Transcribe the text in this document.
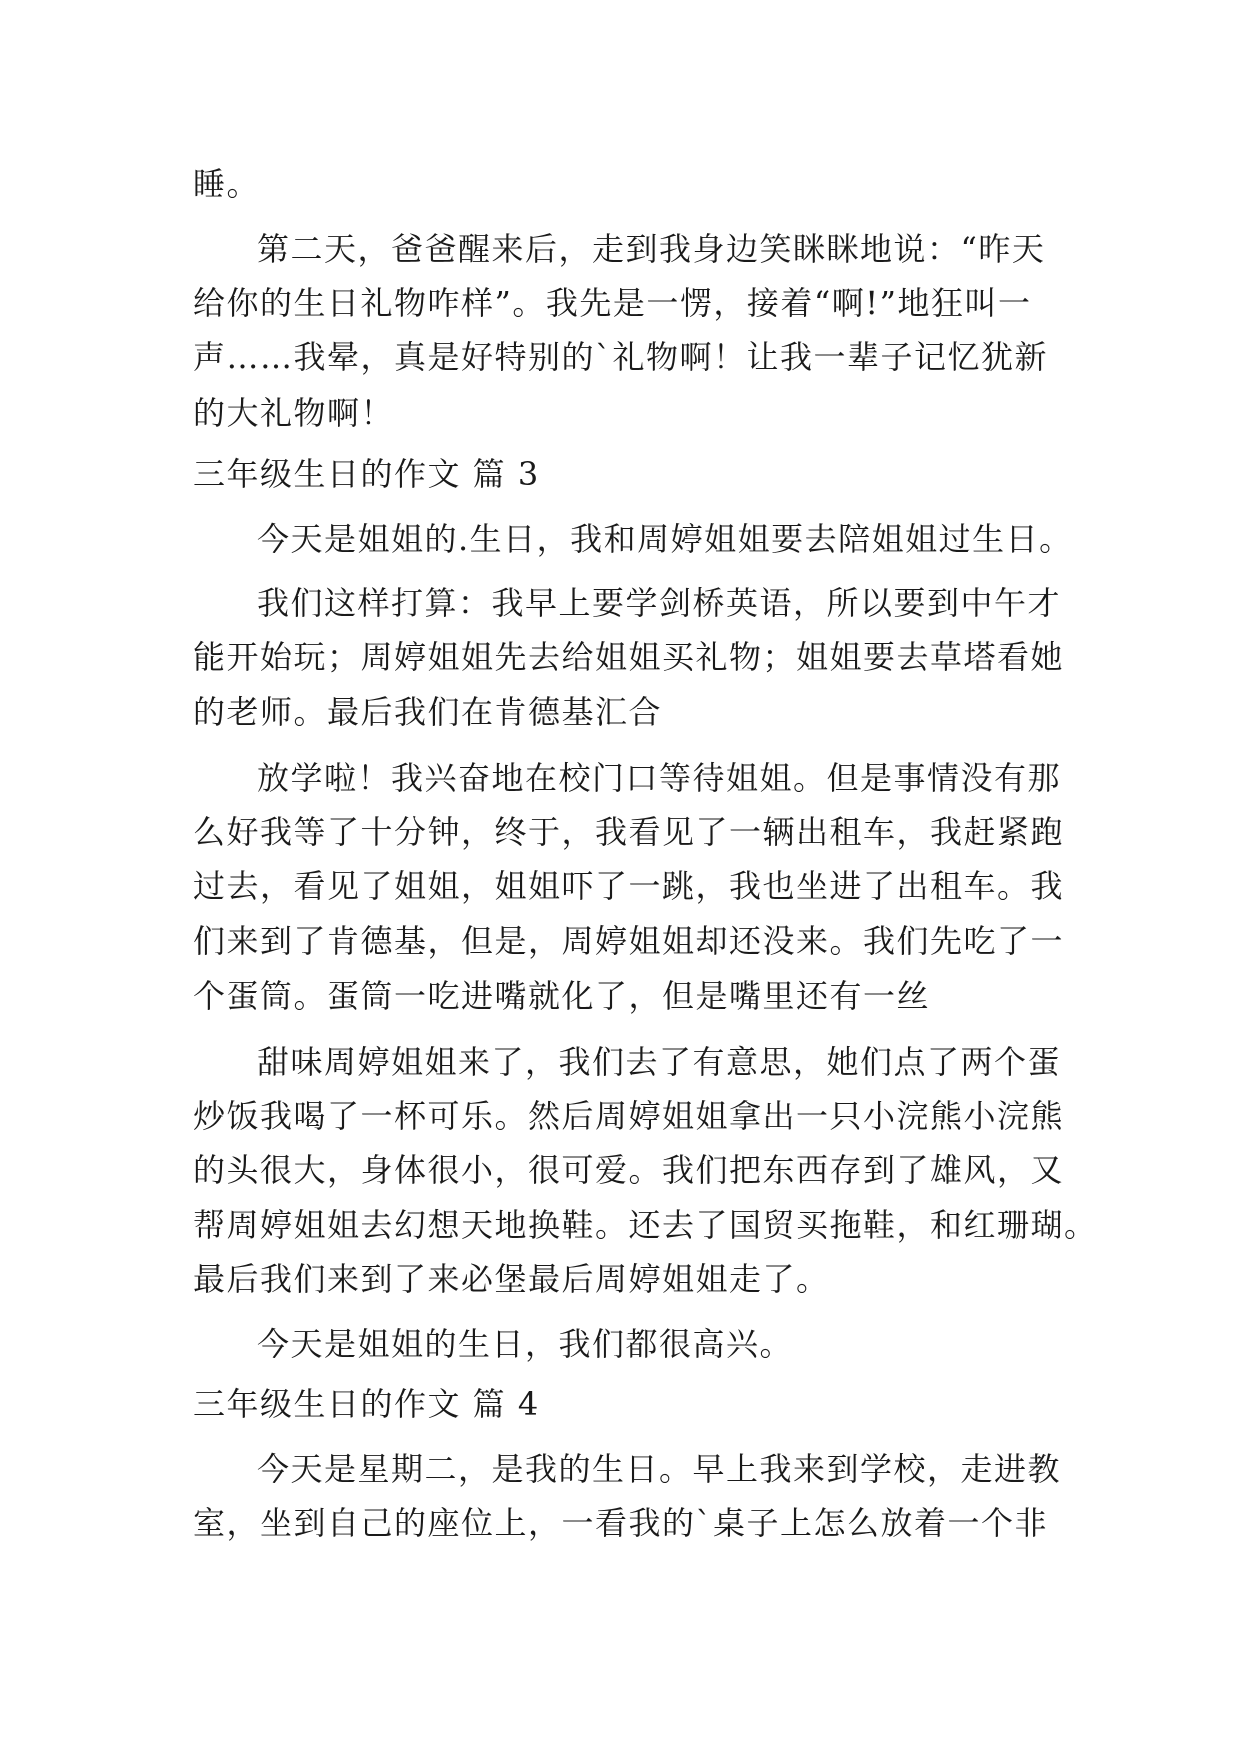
睡。
第二天，爸爸醒来后，走到我身边笑眯眯地说：“昨天
给你的生日礼物咋样”。我先是一愣，接着“啊!”地狂叫一
声……我晕，真是好特别的`礼物啊！让我一辈子记忆犹新
的大礼物啊！
三年级生日的作文 篇 3
今天是姐姐的.生日，我和周婷姐姐要去陪姐姐过生日。
我们这样打算：我早上要学剑桥英语，所以要到中午才
能开始玩；周婷姐姐先去给姐姐买礼物；姐姐要去草塔看她
的老师。最后我们在肯德基汇合
放学啦！我兴奋地在校门口等待姐姐。但是事情没有那
么好我等了十分钟，终于，我看见了一辆出租车，我赶紧跑
过去，看见了姐姐，姐姐吓了一跳，我也坐进了出租车。我
们来到了肯德基，但是，周婷姐姐却还没来。我们先吃了一
个蛋筒。蛋筒一吃进嘴就化了，但是嘴里还有一丝
甜味周婷姐姐来了，我们去了有意思，她们点了两个蛋
炒饭我喝了一杯可乐。然后周婷姐姐拿出一只小浣熊小浣熊
的头很大，身体很小，很可爱。我们把东西存到了雄风，又
帮周婷姐姐去幻想天地换鞋。还去了国贸买拖鞋，和红珊瑚。
最后我们来到了来必堡最后周婷姐姐走了。
今天是姐姐的生日，我们都很高兴。
三年级生日的作文 篇 4
今天是星期二，是我的生日。早上我来到学校，走进教
室，坐到自己的座位上，一看我的`桌子上怎么放着一个非
